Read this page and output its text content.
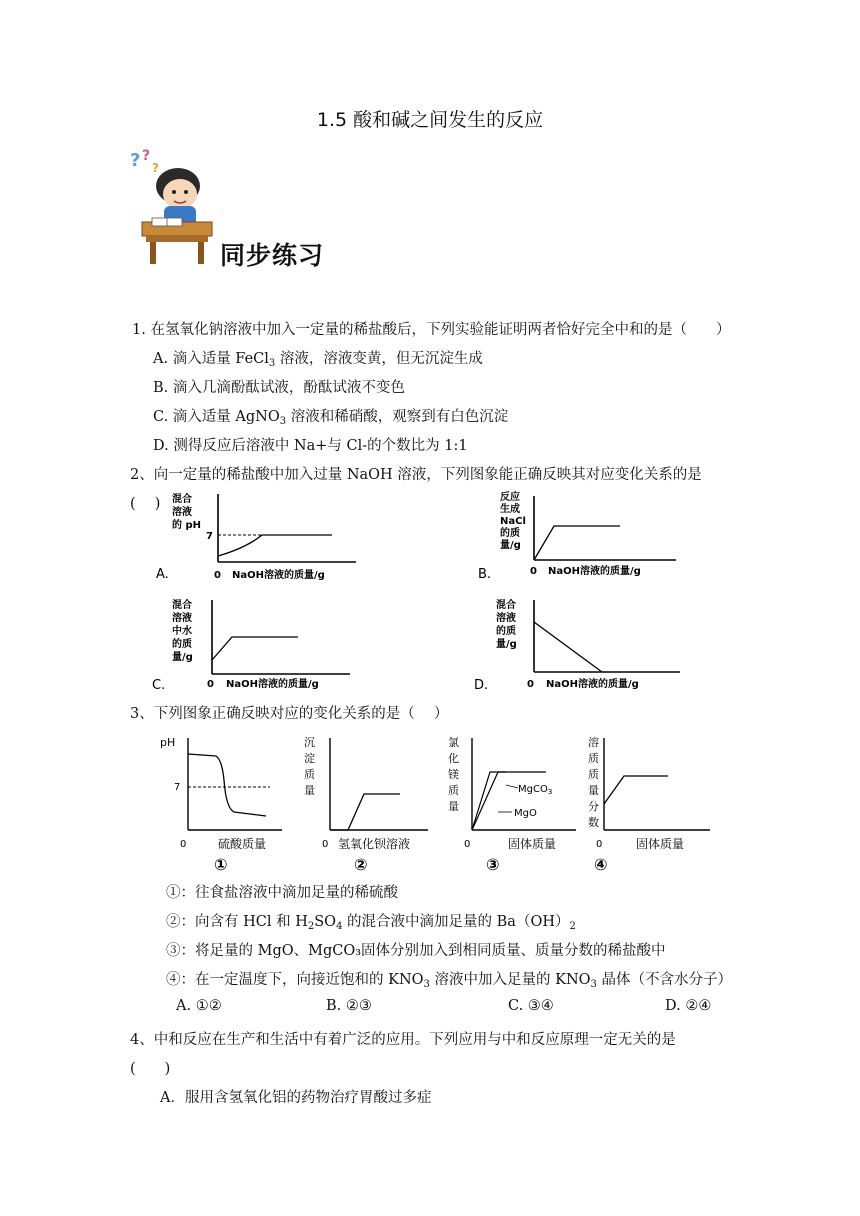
1.5 酸和碱之间发生的反应
? ?
?
同步练习
1. 在氢氧化钠溶液中加入一定量的稀盐酸后，下列实验能证明两者恰好完全中和的是（　　）
A. 滴入适量 FeCl$_3$ 溶液，溶液变黄，但无沉淀生成
B. 滴入几滴酚酞试液，酚酞试液不变色
C. 滴入适量 AgNO$_3$ 溶液和稀硝酸，观察到有白色沉淀
D. 测得反应后溶液中 Na+与 Cl-的个数比为 1:1
2、向一定量的稀盐酸中加入过量 NaOH 溶液，下列图象能正确反映其对应变化关系的是
(　 )
A.
混合
溶液
的 pH
7
0 NaOH溶液的质量/g	B.
反应
生成
NaCl
的质
量/g
0 NaOH溶液的质量/g
C.
混合
溶液
中水
的质
量/g
0 NaOH溶液的质量/g	D.
混合
溶液
的质
量/g
0 NaOH溶液的质量/g
3、下列图象正确反映对应的变化关系的是（　 ）
pH
7
0	硫酸质量
①
沉
淀
质
量
0 氢氧化钡溶液
②
氯
化
镁
质
量
MgCO$_3$
MgO
0	固体质量
③
溶
质
质
量
分
数
0	固体质量
④
①：往食盐溶液中滴加足量的稀硫酸
②：向含有 HCl 和 $H_2SO_4$ 的混合液中滴加足量的 $Ba(OH)_2$
③：将足量的 MgO、MgCO₃固体分别加入到相同质量、质量分数的稀盐酸中
④：在一定温度下，向接近饱和的 $KNO_3$ 溶液中加入足量的 $KNO_3$ 晶体（不含水分子）
A. ①②	B. ②③	C. ③④	D. ②④
4、中和反应在生产和生活中有着广泛的应用。下列应用与中和反应原理一定无关的是
(　　)
A．服用含氢氧化铝的药物治疗胃酸过多症
